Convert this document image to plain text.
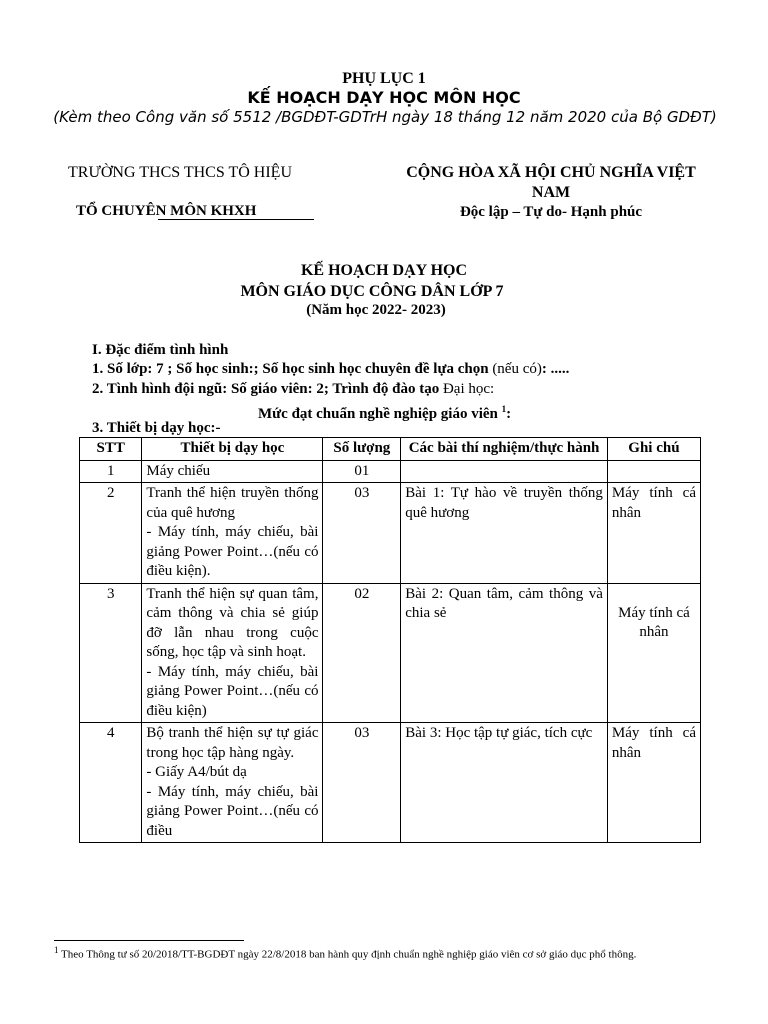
PHỤ LỤC 1
KẾ HOẠCH DẠY HỌC MÔN HỌC
(Kèm theo Công văn số 5512 /BGDĐT-GDTrH ngày 18 tháng 12 năm 2020 của Bộ GDĐT)
TRƯỜNG THCS THCS TÔ HIỆU
TỔ CHUYÊN MÔN KHXH
CỘNG HÒA XÃ HỘI CHỦ NGHĨA VIỆT NAM
Độc lập – Tự do- Hạnh phúc
KẾ HOẠCH DẠY HỌC
MÔN GIÁO DỤC CÔNG DÂN LỚP 7
(Năm học 2022- 2023)
I. Đặc điểm tình hình
1. Số lớp: 7 ; Số học sinh:; Số học sinh học chuyên đề lựa chọn (nếu có): .....
2. Tình hình đội ngũ: Số giáo viên: 2; Trình độ đào tạo Đại học:
Mức đạt chuẩn nghề nghiệp giáo viên $^1$:
3. Thiết bị dạy học:-
STT	Thiết bị dạy học	Số lượng	Các bài thí nghiệm/thực hành	Ghi chú
1	Máy chiếu	01		
2	Tranh thể hiện truyền thống của quê hương
- Máy tính, máy chiếu, bài giảng Power Point…(nếu có điều kiện).	03	Bài 1: Tự hào về truyền thống quê hương	Máy tính cá nhân
3	Tranh thể hiện sự quan tâm, cảm thông và chia sẻ giúp đỡ lẫn nhau trong cuộc sống, học tập và sinh hoạt.
- Máy tính, máy chiếu, bài giảng Power Point…(nếu có điều kiện)	02	Bài 2: Quan tâm, cảm thông và chia sẻ	Máy tính cá nhân
4	Bộ tranh thể hiện sự tự giác trong học tập hàng ngày.
- Giấy A4/bút dạ
- Máy tính, máy chiếu, bài giảng Power Point…(nếu có điều	03	Bài 3: Học tập tự giác, tích cực	Máy tính cá nhân
$^1$ Theo Thông tư số 20/2018/TT-BGDĐT ngày 22/8/2018 ban hành quy định chuẩn nghề nghiệp giáo viên cơ sở giáo dục phổ thông.
